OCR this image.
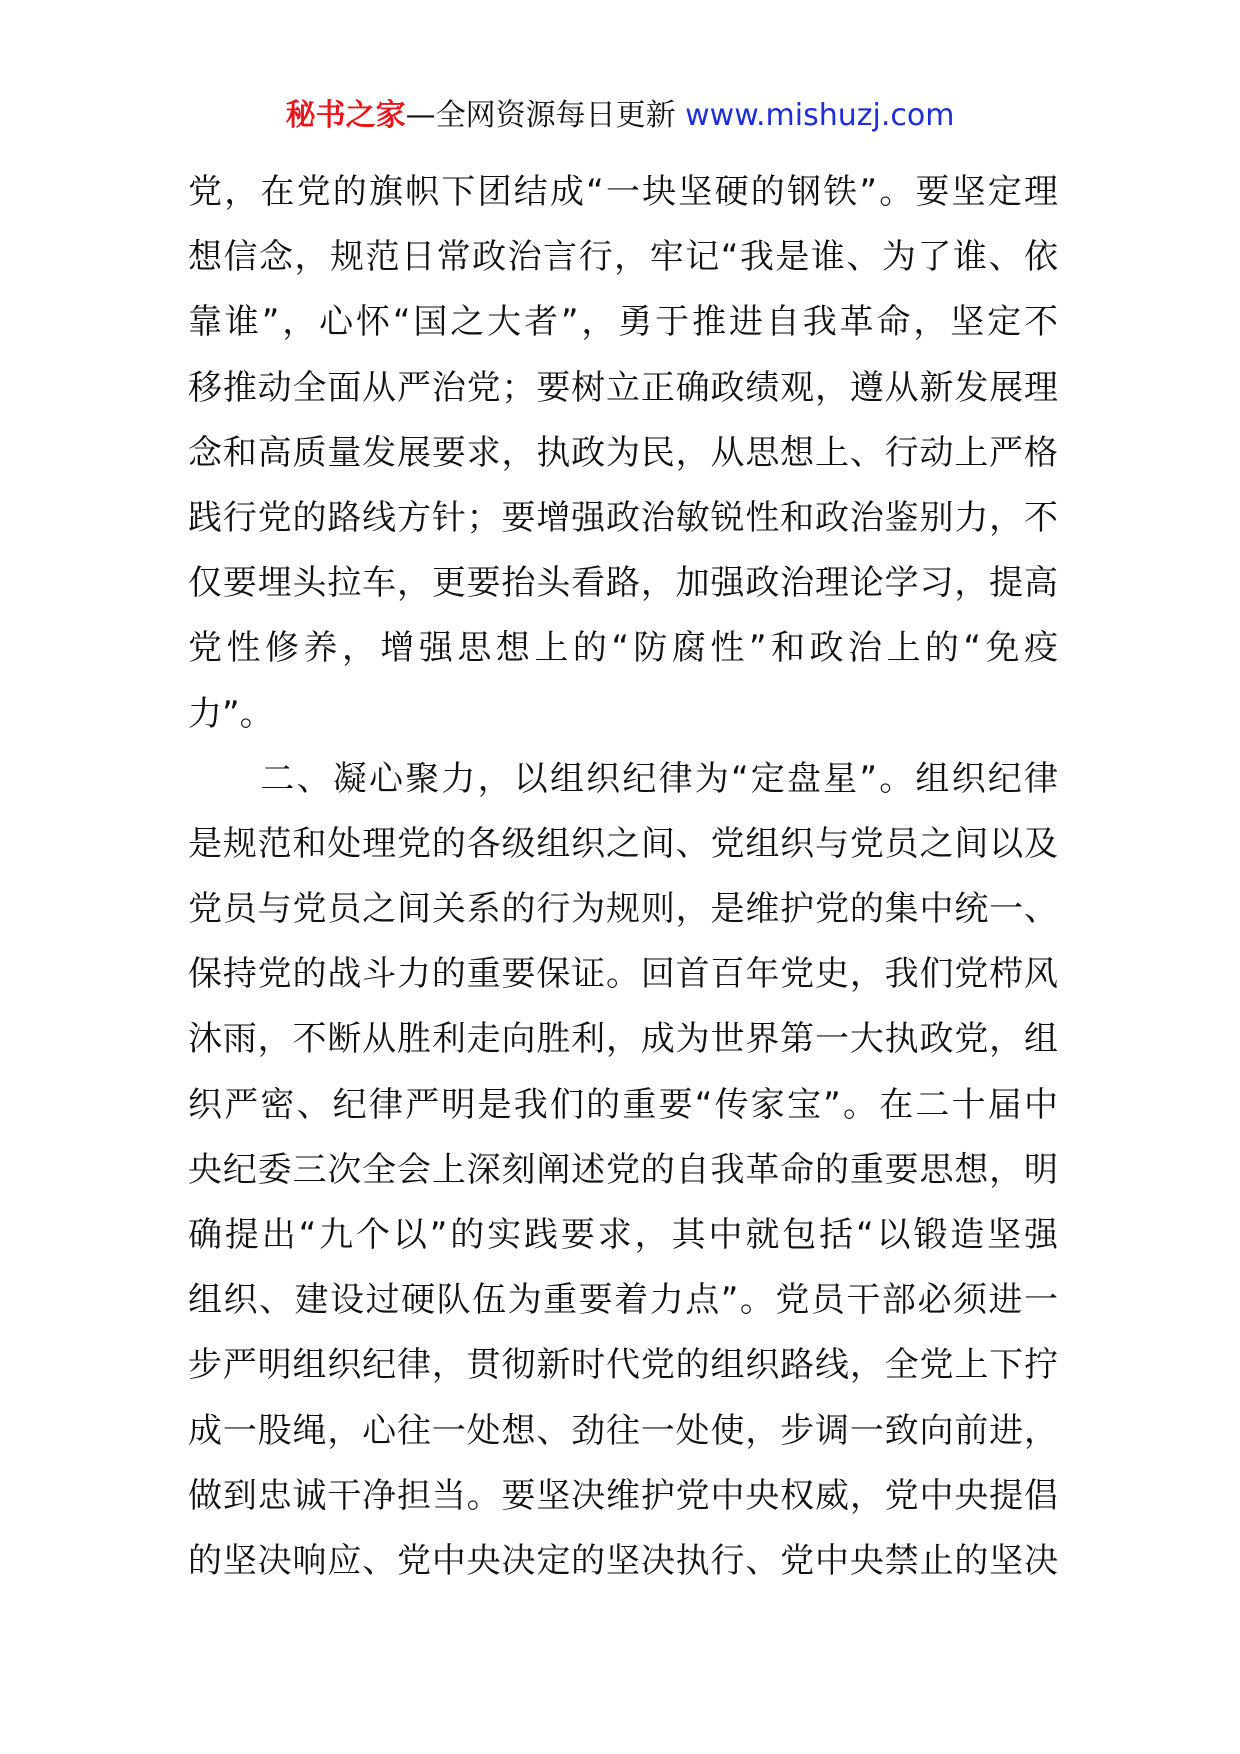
秘书之家—全网资源每日更新 www.mishuzj.com
党，在党的旗帜下团结成“一块坚硬的钢铁”。要坚定理
想信念，规范日常政治言行，牢记“我是谁、为了谁、依
靠谁”，心怀“国之大者”，勇于推进自我革命，坚定不
移推动全面从严治党；要树立正确政绩观，遵从新发展理
念和高质量发展要求，执政为民，从思想上、行动上严格
践行党的路线方针；要增强政治敏锐性和政治鉴别力，不
仅要埋头拉车，更要抬头看路，加强政治理论学习，提高
党性修养，增强思想上的“防腐性”和政治上的“免疫
力”。
　　二、凝心聚力，以组织纪律为“定盘星”。组织纪律
是规范和处理党的各级组织之间、党组织与党员之间以及
党员与党员之间关系的行为规则，是维护党的集中统一、
保持党的战斗力的重要保证。回首百年党史，我们党栉风
沐雨，不断从胜利走向胜利，成为世界第一大执政党，组
织严密、纪律严明是我们的重要“传家宝”。在二十届中
央纪委三次全会上深刻阐述党的自我革命的重要思想，明
确提出“九个以”的实践要求，其中就包括“以锻造坚强
组织、建设过硬队伍为重要着力点”。党员干部必须进一
步严明组织纪律，贯彻新时代党的组织路线，全党上下拧
成一股绳，心往一处想、劲往一处使，步调一致向前进，
做到忠诚干净担当。要坚决维护党中央权威，党中央提倡
的坚决响应、党中央决定的坚决执行、党中央禁止的坚决
